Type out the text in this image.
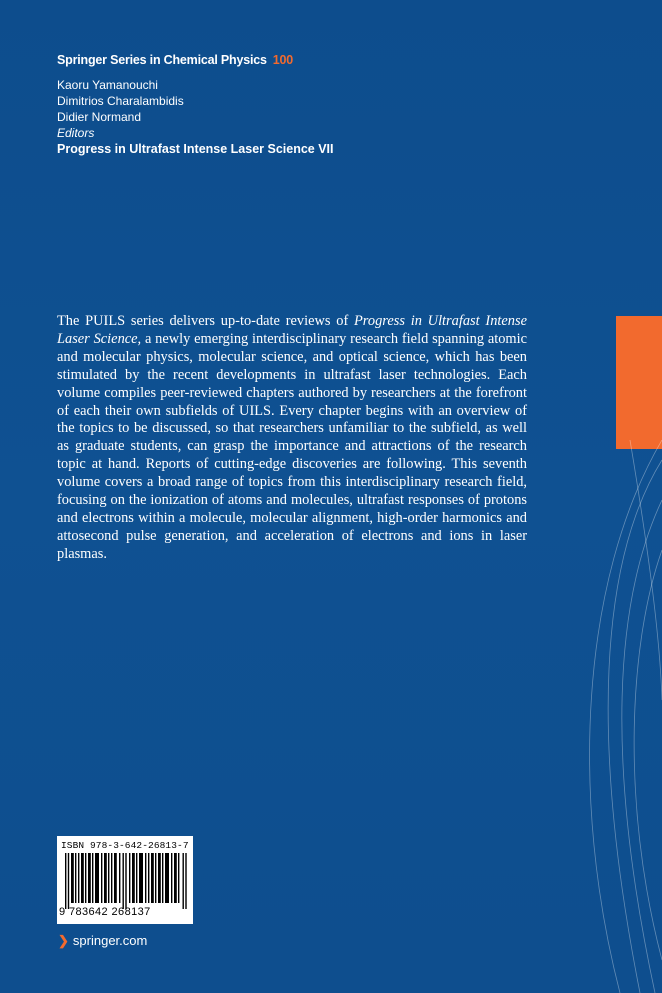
Springer Series in Chemical Physics 100
Kaoru Yamanouchi
Dimitrios Charalambidis
Didier Normand
Editors
Progress in Ultrafast Intense Laser Science VII
The PUILS series delivers up-to-date reviews of Progress in Ultrafast Intense Laser Science, a newly emerging interdisciplinary research field spanning atomic and molecular physics, molecular science, and optical science, which has been stimulated by the recent developments in ultrafast laser technologies. Each volume compiles peer-reviewed chapters authored by researchers at the forefront of each their own subfields of UILS. Every chapter begins with an overview of the topics to be discussed, so that researchers unfamiliar to the subfield, as well as graduate students, can grasp the importance and attractions of the research topic at hand. Reports of cutting-edge discoveries are following. This seventh volume covers a broad range of topics from this interdisciplinary research field, focusing on the ionization of atoms and molecules, ultrafast responses of protons and electrons within a molecule, molecular alignment, high-order harmonics and attosecond pulse generation, and acceleration of electrons and ions in laser plasmas.
ISBN 978-3-642-26813-7
9 783642 268137
❯ springer.com
